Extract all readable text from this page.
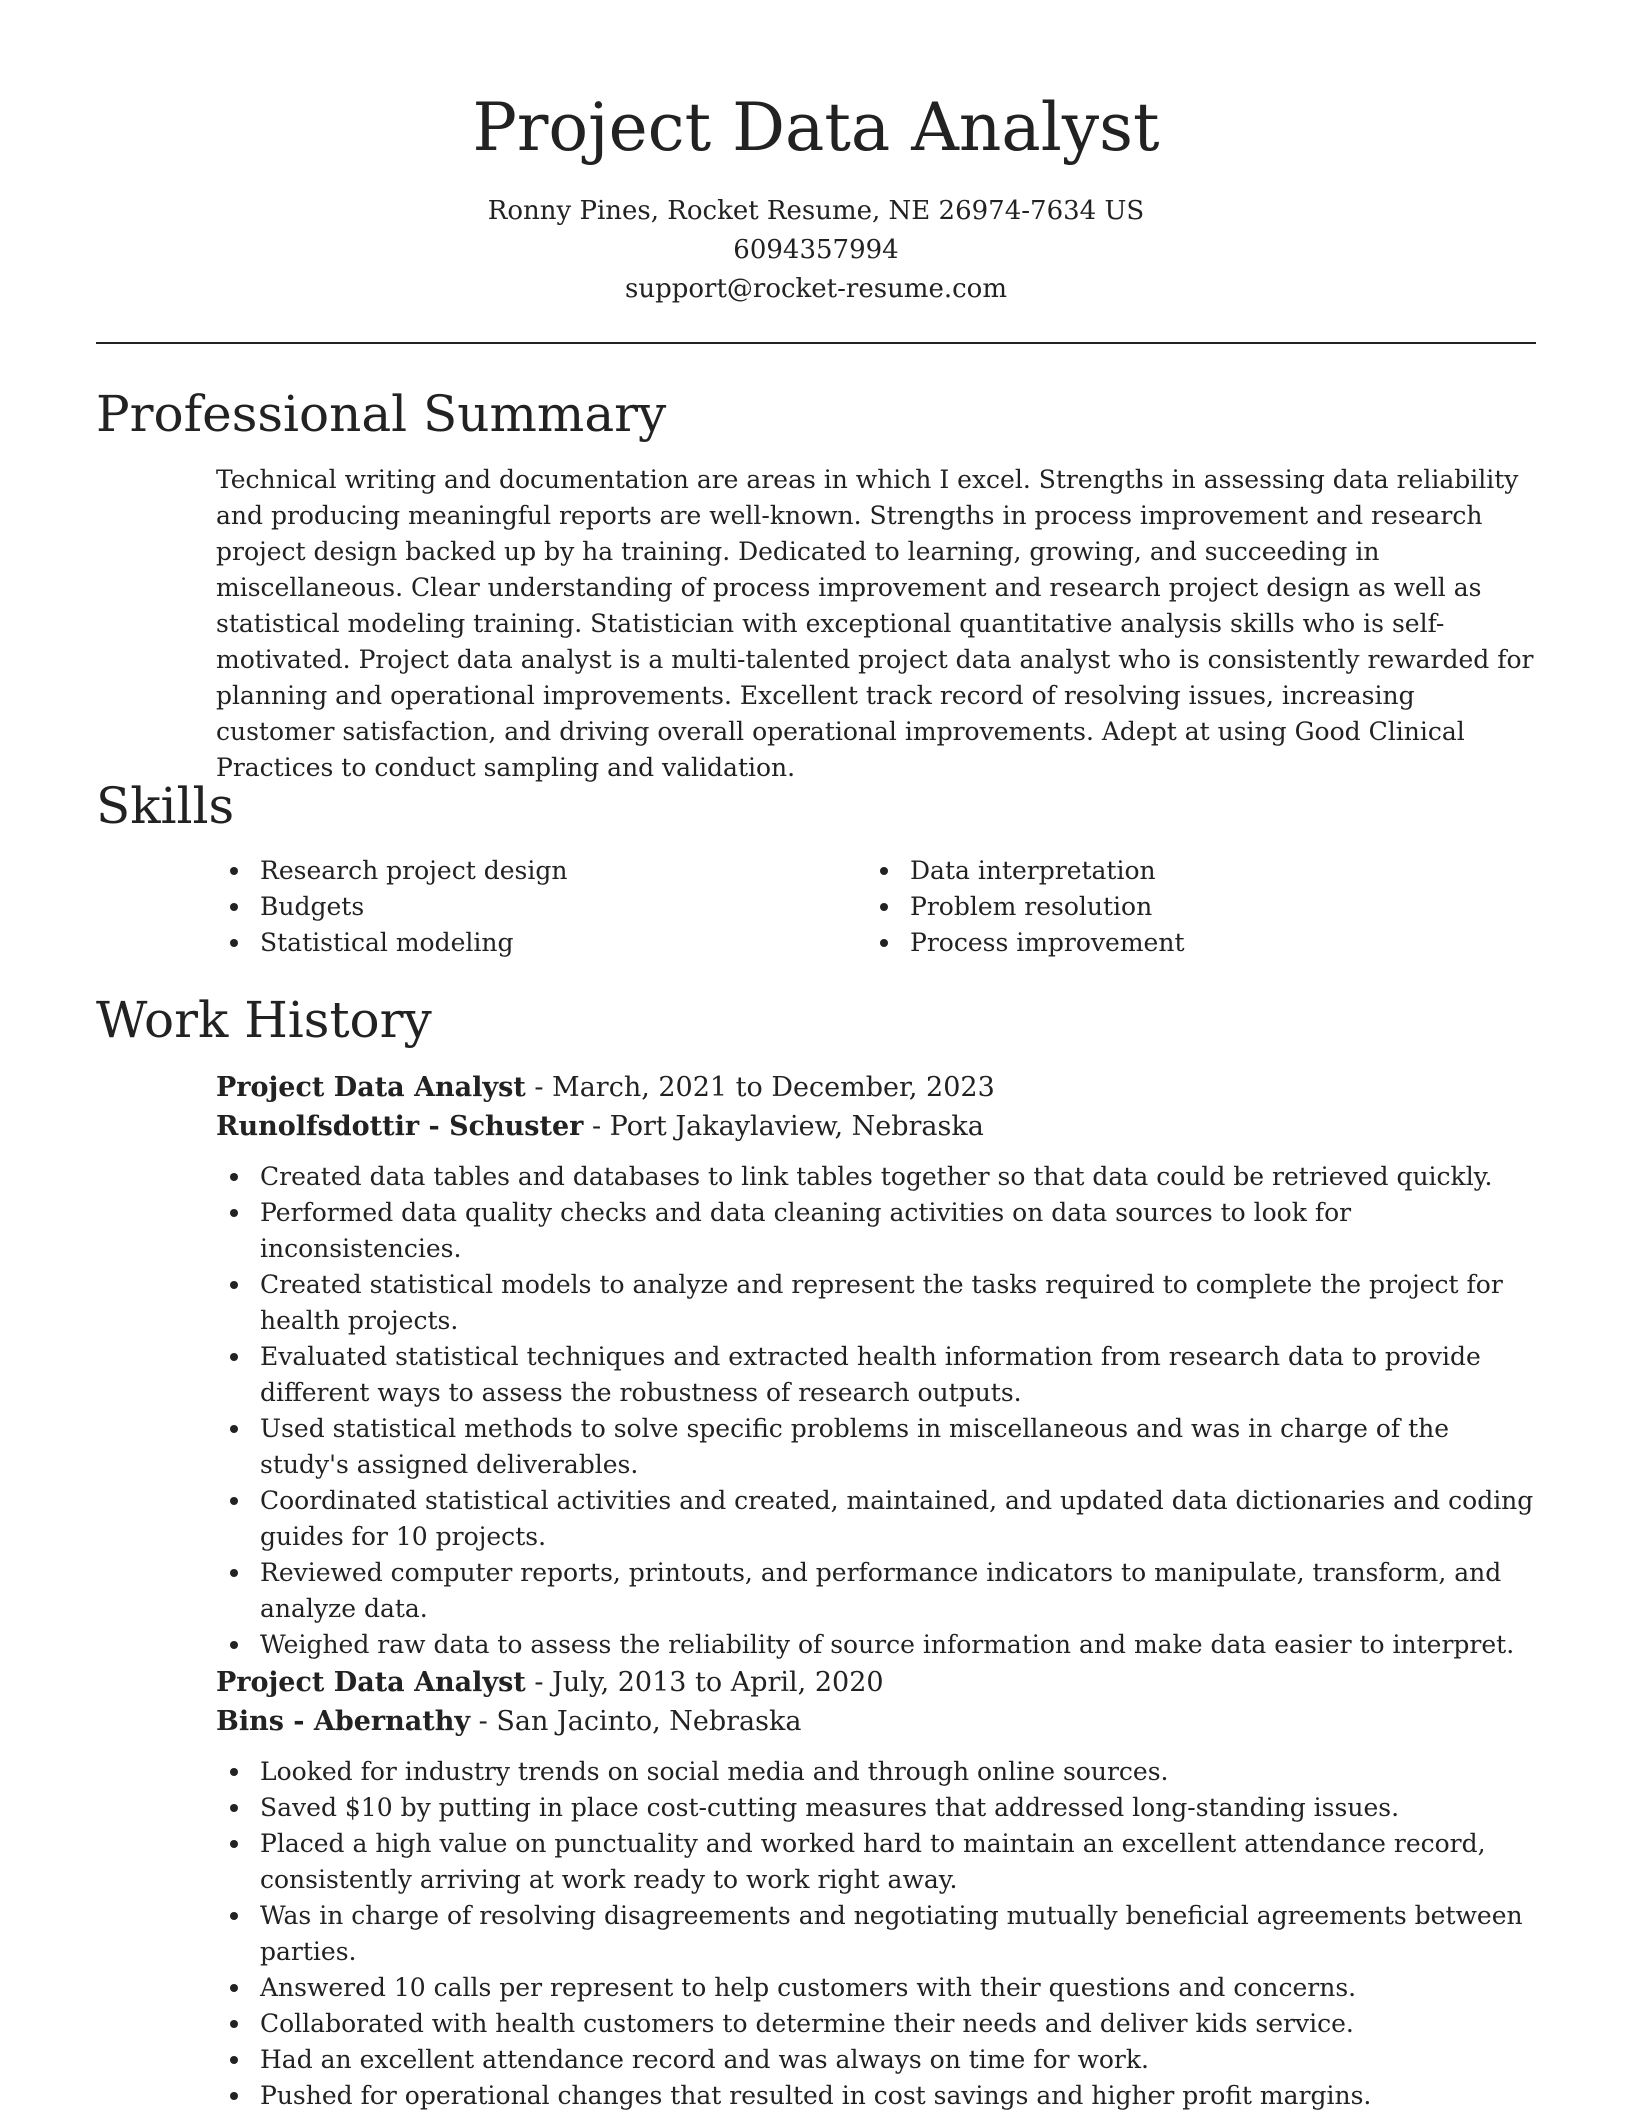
Project Data Analyst
Ronny Pines, Rocket Resume, NE 26974-7634 US
6094357994
support@rocket-resume.com
Professional Summary

Technical writing and documentation are areas in which I excel. Strengths in assessing data reliability and producing meaningful reports are well-known. Strengths in process improvement and research project design backed up by ha training. Dedicated to learning, growing, and succeeding in miscellaneous. Clear understanding of process improvement and research project design as well as statistical modeling training. Statistician with exceptional quantitative analysis skills who is self-motivated. Project data analyst is a multi-talented project data analyst who is consistently rewarded for planning and operational improvements. Excellent track record of resolving issues, increasing customer satisfaction, and driving overall operational improvements. Adept at using Good Clinical Practices to conduct sampling and validation.

Skills
Research project design
Budgets
Statistical modeling
Data interpretation
Problem resolution
Process improvement
Work History
Project Data Analyst - March, 2021 to December, 2023
Runolfsdottir - Schuster - Port Jakaylaview, Nebraska
Created data tables and databases to link tables together so that data could be retrieved quickly.
Performed data quality checks and data cleaning activities on data sources to look for inconsistencies.
Created statistical models to analyze and represent the tasks required to complete the project for health projects.
Evaluated statistical techniques and extracted health information from research data to provide different ways to assess the robustness of research outputs.
Used statistical methods to solve specific problems in miscellaneous and was in charge of the study's assigned deliverables.
Coordinated statistical activities and created, maintained, and updated data dictionaries and coding guides for 10 projects.
Reviewed computer reports, printouts, and performance indicators to manipulate, transform, and analyze data.
Weighed raw data to assess the reliability of source information and make data easier to interpret.
Project Data Analyst - July, 2013 to April, 2020
Bins - Abernathy - San Jacinto, Nebraska
Looked for industry trends on social media and through online sources.
Saved $10 by putting in place cost-cutting measures that addressed long-standing issues.
Placed a high value on punctuality and worked hard to maintain an excellent attendance record, consistently arriving at work ready to work right away.
Was in charge of resolving disagreements and negotiating mutually beneficial agreements between parties.
Answered 10 calls per represent to help customers with their questions and concerns.
Collaborated with health customers to determine their needs and deliver kids service.
Had an excellent attendance record and was always on time for work.
Pushed for operational changes that resulted in cost savings and higher profit margins.
